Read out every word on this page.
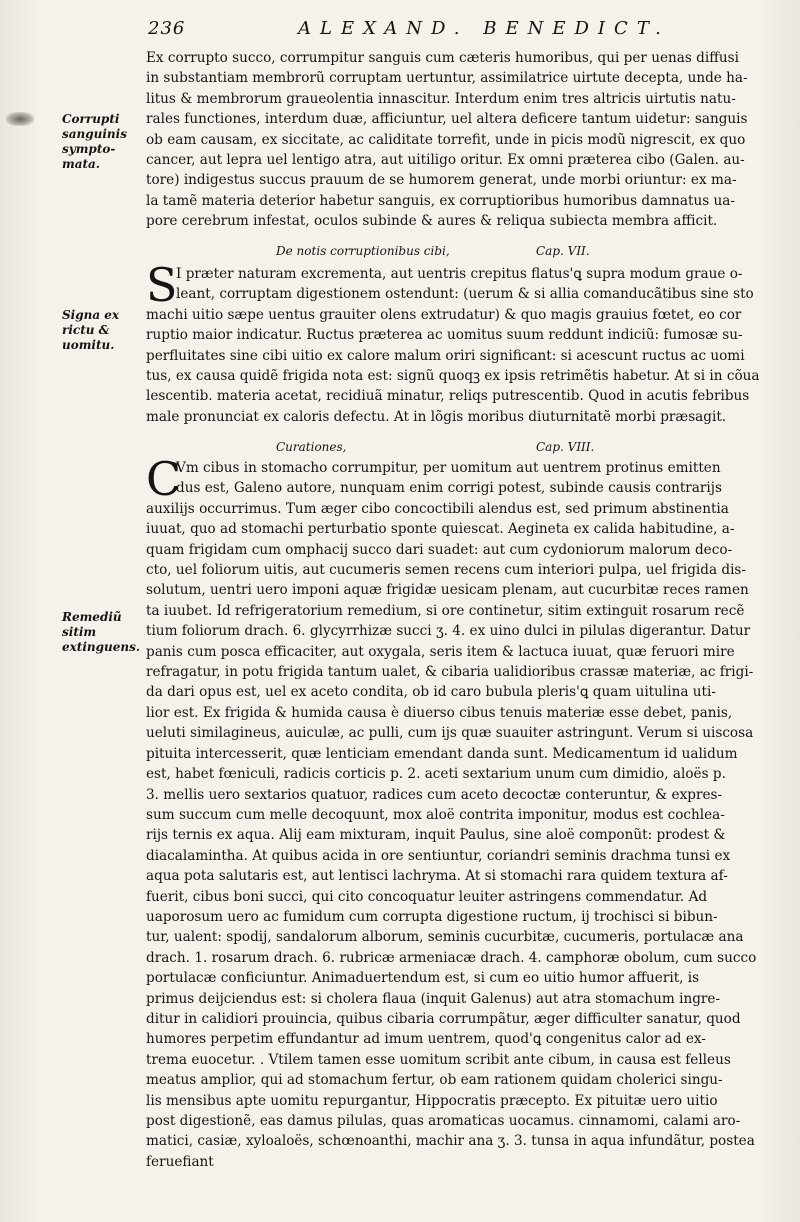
236	ALEXAND. BENEDICT.
Corrupti sanguinis sympto-mata.
Signa ex rictu & uomitu.
Remediũ sitim extinguens.
Ex corrupto succo, corrumpitur sanguis cum cæteris humoribus, qui per uenas diffusi
in substantiam membrorũ corruptam uertuntur, assimilatrice uirtute decepta, unde ha-
litus & membrorum graueolentia innascitur. Interdum enim tres altricis uirtutis natu-
rales functiones, interdum duæ, afficiuntur, uel altera deficere tantum uidetur: sanguis
ob eam causam, ex siccitate, ac caliditate torrefit, unde in picis modũ nigrescit, ex quo
cancer, aut lepra uel lentigo atra, aut uitiligo oritur. Ex omni præterea cibo (Galen. au-
tore) indigestus succus prauum de se humorem generat, unde morbi oriuntur: ex ma-
la tamẽ materia deterior habetur sanguis, ex corruptioribus humoribus damnatus ua-
pore cerebrum infestat, oculos subinde & aures & reliqua subiecta membra afficit.
De notis corruptionibus cibi,	Cap. VII.
S
I præter naturam excrementa, aut uentris crepitus flatus'ꝗ supra modum graue o-
leant, corruptam digestionem ostendunt: (uerum & si allia comanducãtibus sine sto
machi uitio sæpe uentus grauiter olens extrudatur) & quo magis grauius fœtet, eo cor
ruptio maior indicatur. Ructus præterea ac uomitus suum reddunt indiciũ: fumosæ su-
perfluitates sine cibi uitio ex calore malum oriri significant: si acescunt ructus ac uomi
tus, ex causa quidẽ frigida nota est: signũ quoqꝫ ex ipsis retrimẽtis habetur. At si in cõua
lescentib. materia acetat, recidiuã minatur, reliqs putrescentib. Quod in acutis febribus
male pronunciat ex caloris defectu. At in lõgis moribus diuturnitatẽ morbi præsagit.
Curationes,	Cap. VIII.
C
Vm cibus in stomacho corrumpitur, per uomitum aut uentrem protinus emitten
dus est, Galeno autore, nunquam enim corrigi potest, subinde causis contrarijs
auxilijs occurrimus. Tum æger cibo concoctibili alendus est, sed primum abstinentia
iuuat, quo ad stomachi perturbatio sponte quiescat. Aegineta ex calida habitudine, a-
quam frigidam cum omphacij succo dari suadet: aut cum cydoniorum malorum deco-
cto, uel foliorum uitis, aut cucumeris semen recens cum interiori pulpa, uel frigida dis-
solutum, uentri uero imponi aquæ frigidæ uesicam plenam, aut cucurbitæ reces ramen
ta iuubet. Id refrigeratorium remedium, si ore continetur, sitim extinguit rosarum recẽ
tium foliorum drach. 6. glycyrrhizæ succi ʒ. 4. ex uino dulci in pilulas digerantur. Datur
panis cum posca efficaciter, aut oxygala, seris item & lactuca iuuat, quæ feruori mire
refragatur, in potu frigida tantum ualet, & cibaria ualidioribus crassæ materiæ, ac frigi-
da dari opus est, uel ex aceto condita, ob id caro bubula pleris'ꝗ quam uitulina uti-
lior est. Ex frigida & humida causa è diuerso cibus tenuis materiæ esse debet, panis,
ueluti similagineus, auiculæ, ac pulli, cum ijs quæ suauiter astringunt. Verum si uiscosa
pituita intercesserit, quæ lenticiam emendant danda sunt. Medicamentum id ualidum
est, habet fœniculi, radicis corticis p. 2. aceti sextarium unum cum dimidio, aloës p.
3. mellis uero sextarios quatuor, radices cum aceto decoctæ conteruntur, & expres-
sum succum cum melle decoquunt, mox aloë contrita imponitur, modus est cochlea-
rijs ternis ex aqua. Alij eam mixturam, inquit Paulus, sine aloë componũt: prodest &
diacalamintha. At quibus acida in ore sentiuntur, coriandri seminis drachma tunsi ex
aqua pota salutaris est, aut lentisci lachryma. At si stomachi rara quidem textura af-
fuerit, cibus boni succi, qui cito concoquatur leuiter astringens commendatur. Ad
uaporosum uero ac fumidum cum corrupta digestione ructum, ij trochisci si bibun-
tur, ualent: spodij, sandalorum alborum, seminis cucurbitæ, cucumeris, portulacæ ana
drach. 1. rosarum drach. 6. rubricæ armeniacæ drach. 4. camphoræ obolum, cum succo
portulacæ conficiuntur. Animaduertendum est, si cum eo uitio humor affuerit, is
primus deijciendus est: si cholera flaua (inquit Galenus) aut atra stomachum ingre-
ditur in calidiori prouincia, quibus cibaria corrumpãtur, æger difficulter sanatur, quod
humores perpetim effundantur ad imum uentrem, quod'ꝗ congenitus calor ad ex-
trema euocetur. . Vtilem tamen esse uomitum scribit ante cibum, in causa est felleus
meatus amplior, qui ad stomachum fertur, ob eam rationem quidam cholerici singu-
lis mensibus apte uomitu repurgantur, Hippocratis præcepto. Ex pituitæ uero uitio
post digestionẽ, eas damus pilulas, quas aromaticas uocamus. cinnamomi, calami aro-
matici, casiæ, xyloaloës, schœnoanthi, machir ana ʒ. 3. tunsa in aqua infundãtur, postea
feruefiant
